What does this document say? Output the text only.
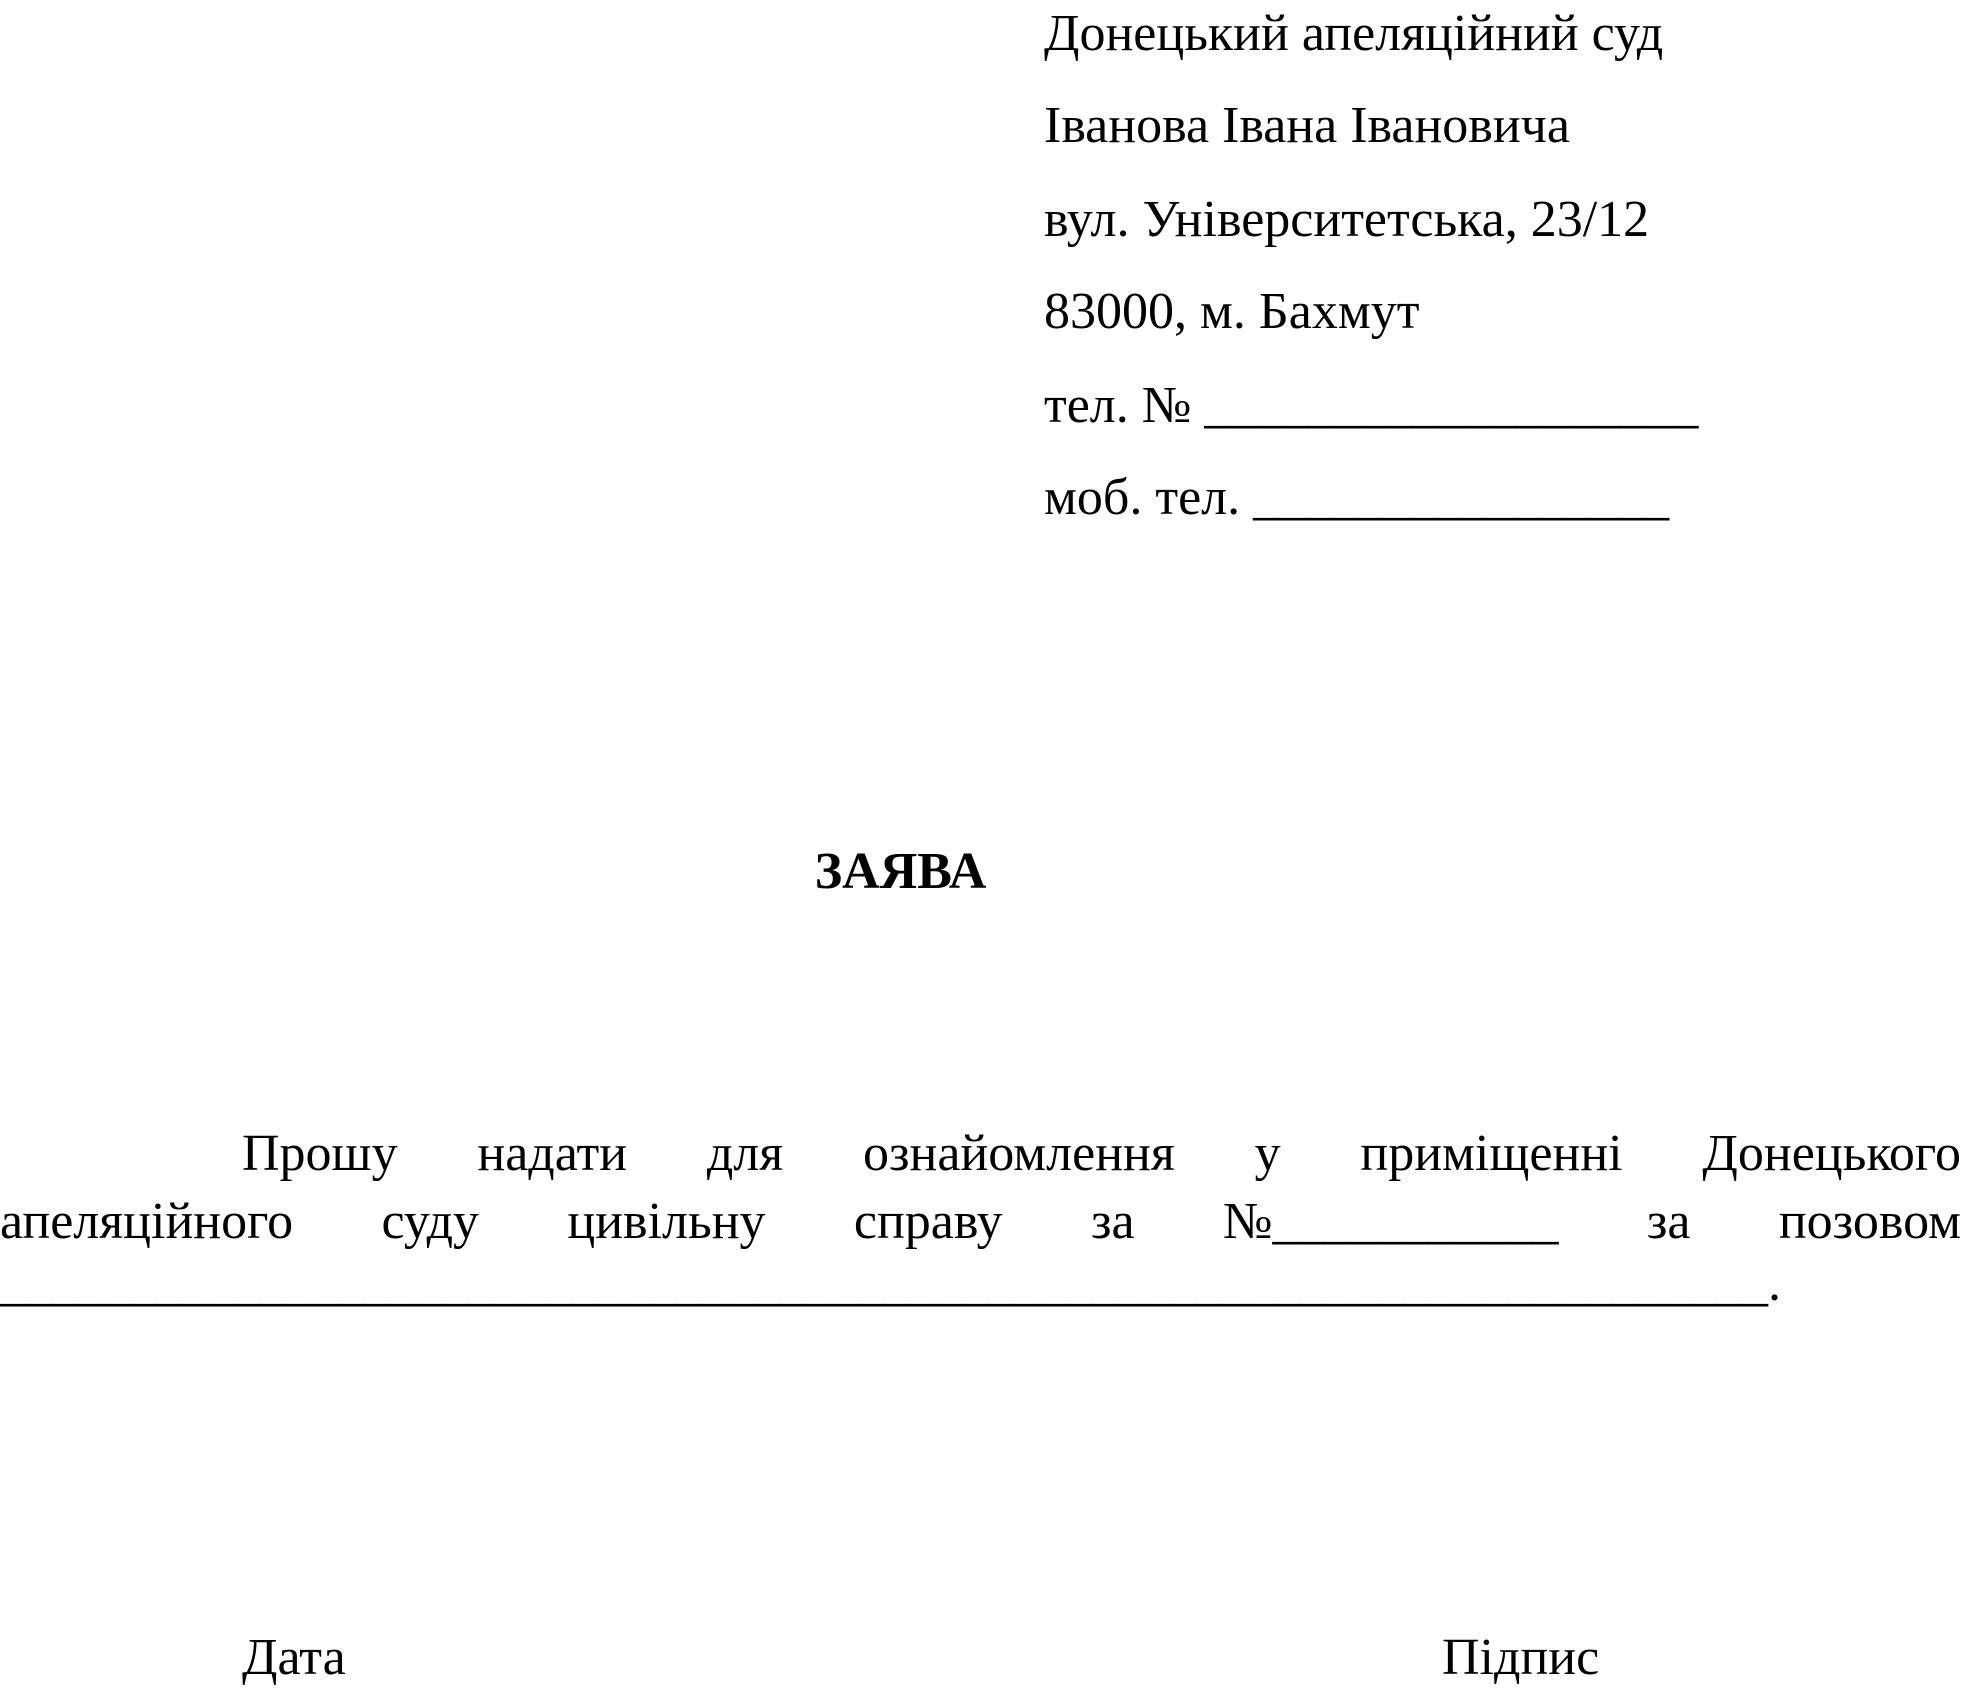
Донецький апеляційний суд
Іванова Івана Івановича
вул. Університетська, 23/12
83000, м. Бахмут
тел. № ___________________
моб. тел. ________________
ЗАЯВА
Прошу надати для ознайомлення у приміщенні Донецького
апеляційного суду цивільну справу за №___________ за позовом
____________________________________________________________________.
Дата	Підпис
